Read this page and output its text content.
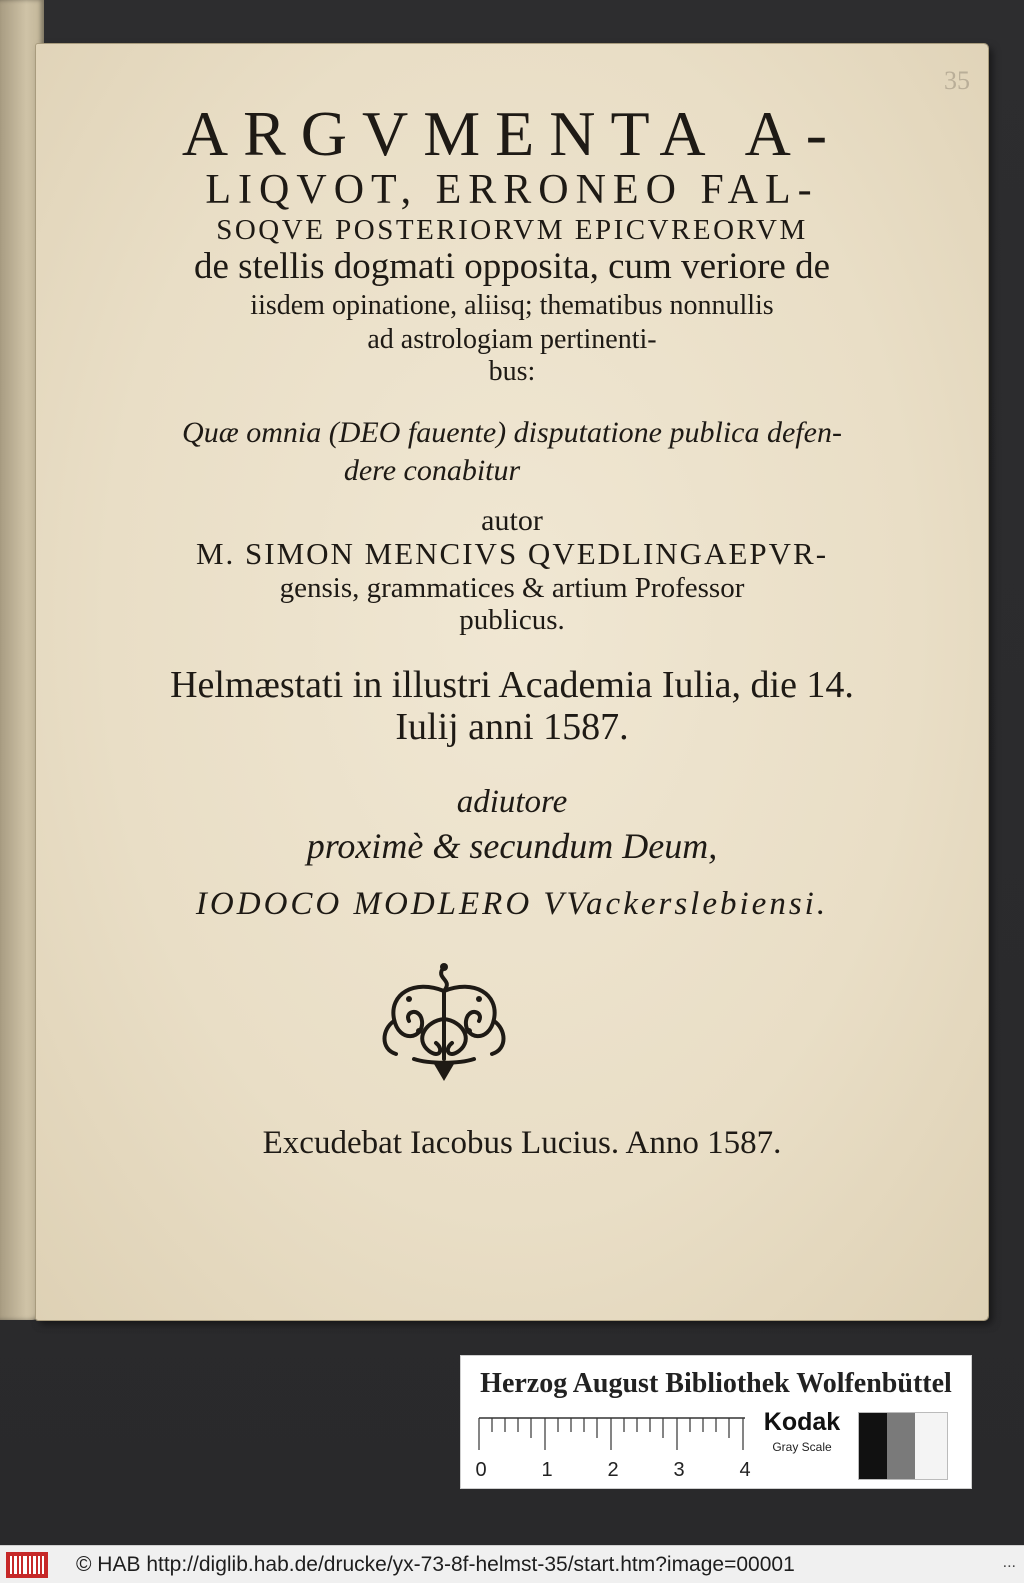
35
ARGVMENTA A-
LIQVOT, ERRONEO FAL-
SOQVE POSTERIORVM EPICVREORVM
de stellis dogmati opposita, cum veriore de
iisdem opinatione, aliisq; thematibus nonnullis
ad astrologiam pertinenti-
bus:
Quæ omnia (DEO fauente) disputatione publica defen-
dere conabitur
autor
M. SIMON MENCIVS QVEDLINGAEPVR-
gensis, grammatices & artium Professor
publicus.
Helmæstati in illustri Academia Iulia, die 14.
Iulij anni 1587.
adiutore
proximè & secundum Deum,
IODOCO MODLERO VVackerslebiensi.
Excudebat Iacobus Lucius. Anno 1587.
Herzog August Bibliothek Wolfenbüttel
0	1	2	3	4
Kodak
Gray Scale
© HAB http://diglib.hab.de/drucke/yx-73-8f-helmst-35/start.htm?image=00001	...
